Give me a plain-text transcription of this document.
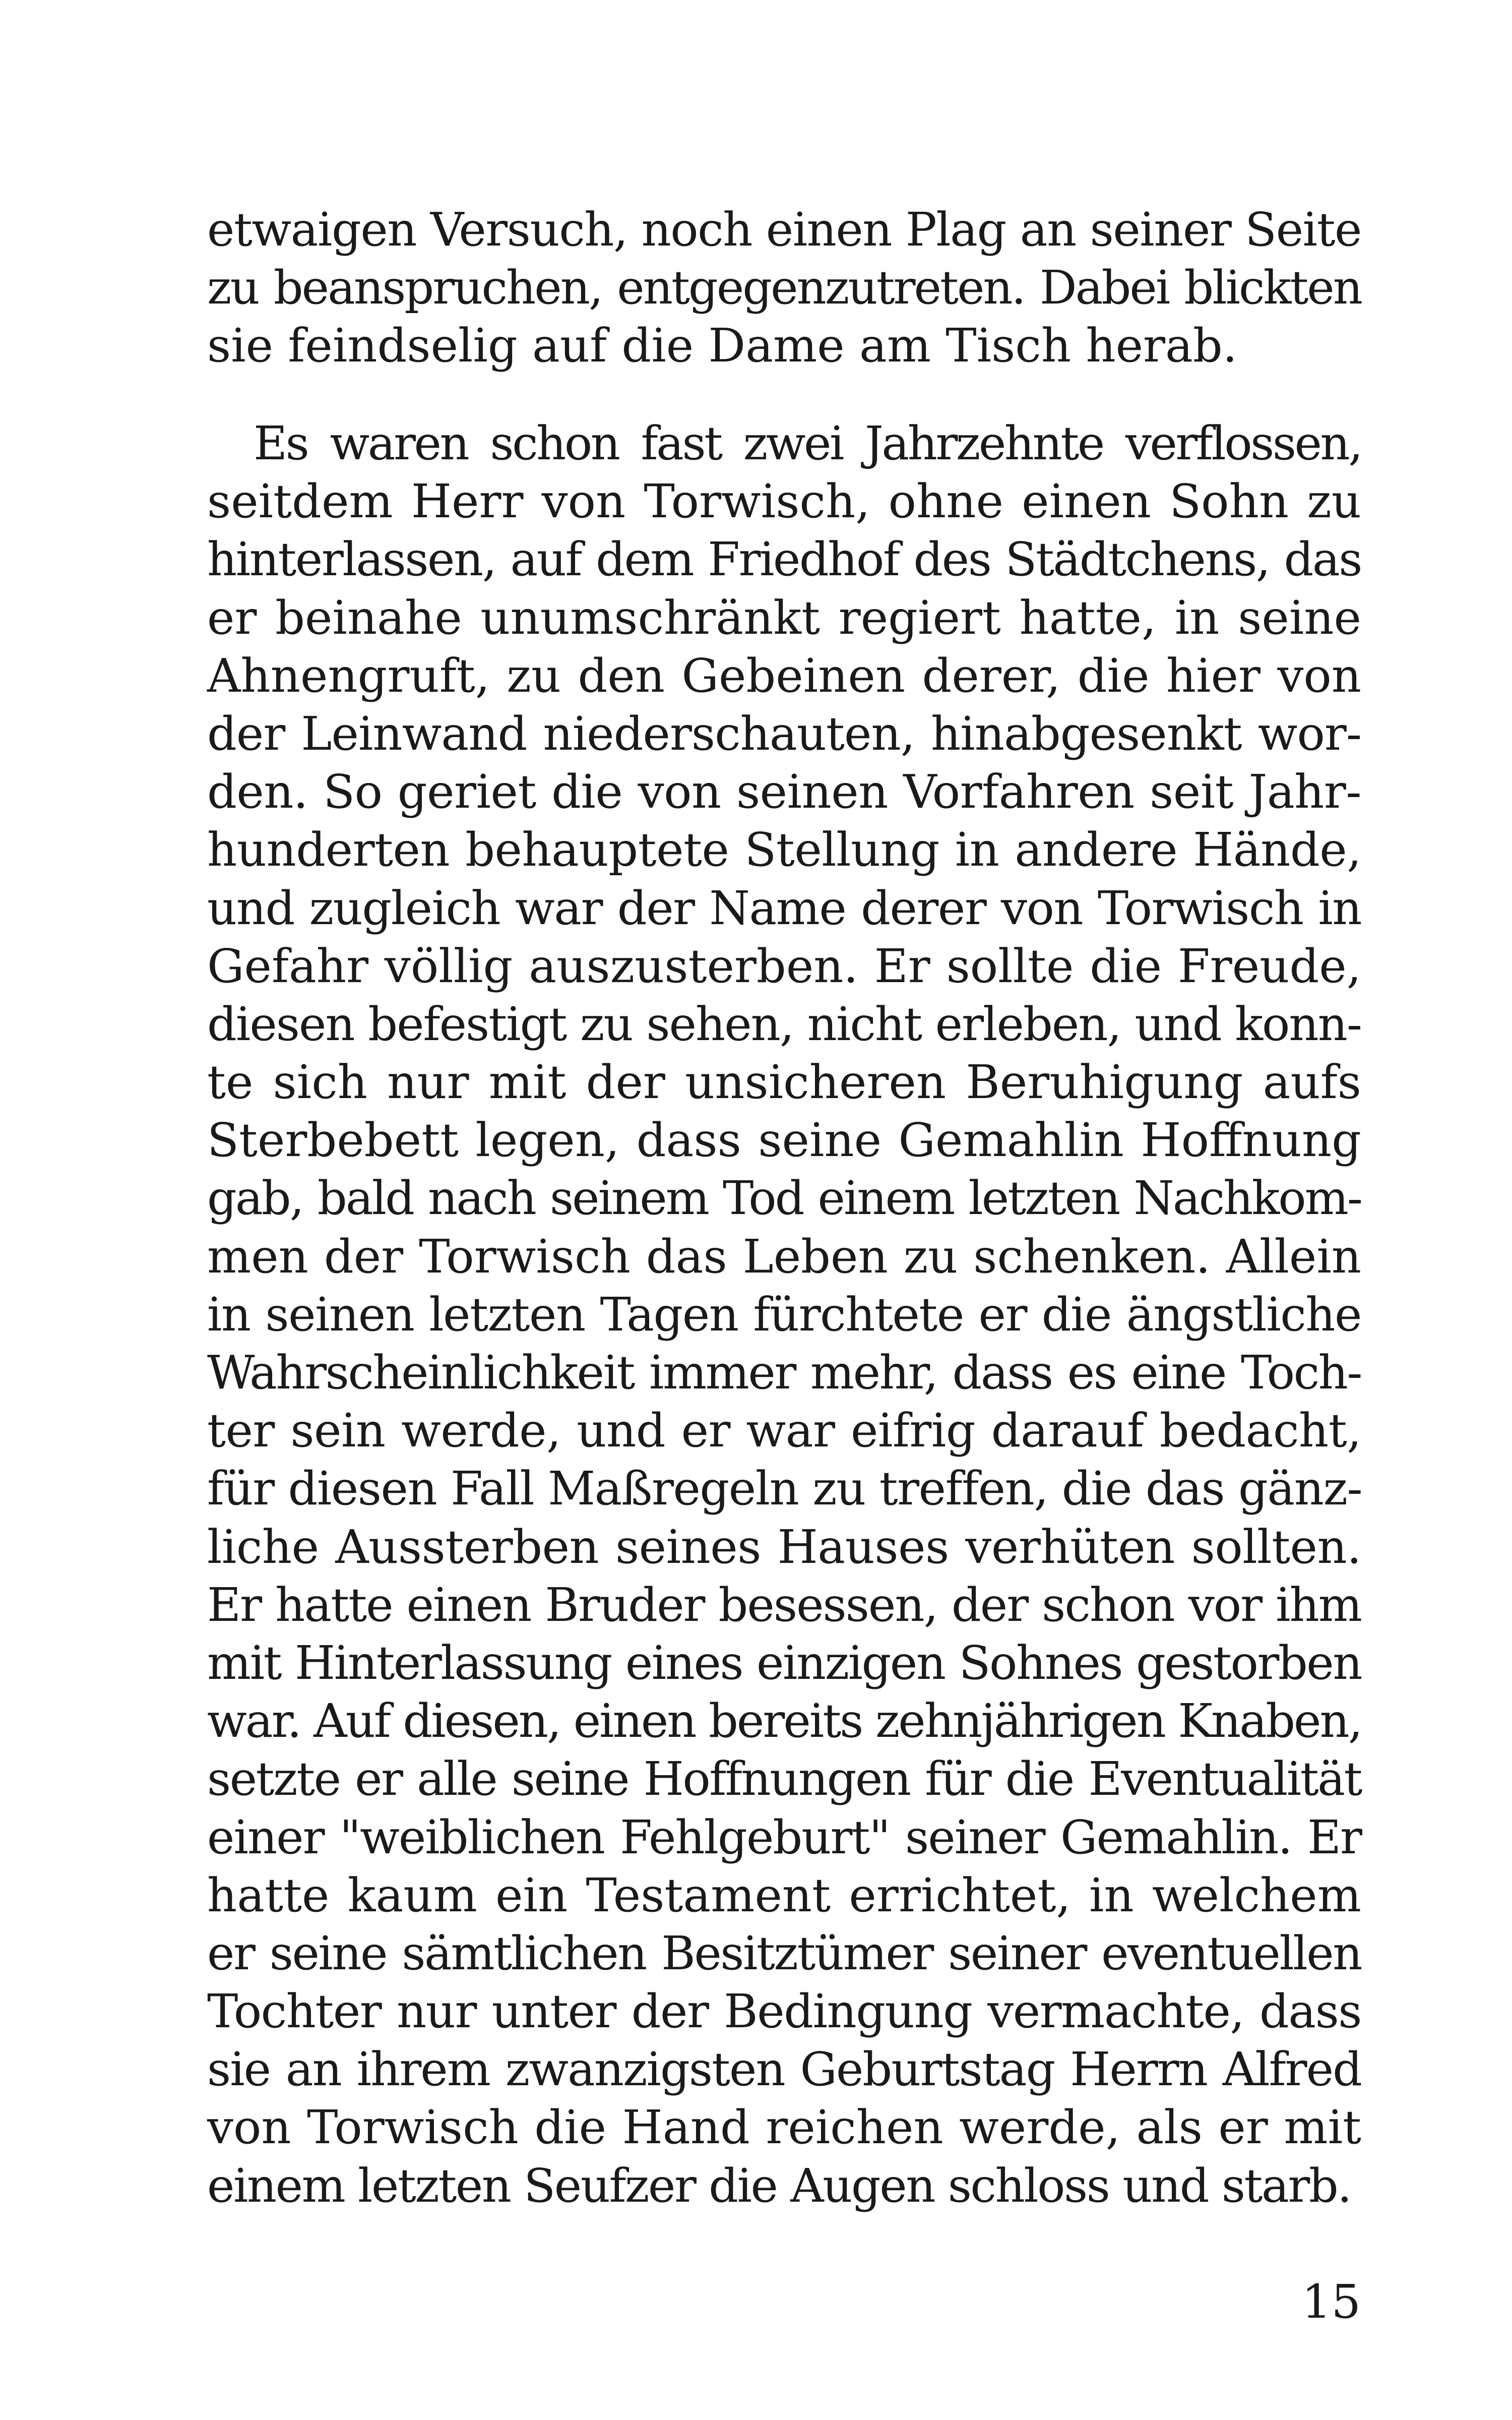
etwaigen Versuch, noch einen Plag an seiner Seite
zu beanspruchen, entgegenzutreten. Dabei blickten
sie feindselig auf die Dame am Tisch herab.
Es waren schon fast zwei Jahrzehnte verflossen,
seitdem Herr von Torwisch, ohne einen Sohn zu
hinterlassen, auf dem Friedhof des Städtchens, das
er beinahe unumschränkt regiert hatte, in seine
Ahnengruft, zu den Gebeinen derer, die hier von
der Leinwand niederschauten, hinabgesenkt wor-
den. So geriet die von seinen Vorfahren seit Jahr-
hunderten behauptete Stellung in andere Hände,
und zugleich war der Name derer von Torwisch in
Gefahr völlig auszusterben. Er sollte die Freude,
diesen befestigt zu sehen, nicht erleben, und konn-
te sich nur mit der unsicheren Beruhigung aufs
Sterbebett legen, dass seine Gemahlin Hoffnung
gab, bald nach seinem Tod einem letzten Nachkom-
men der Torwisch das Leben zu schenken. Allein
in seinen letzten Tagen fürchtete er die ängstliche
Wahrscheinlichkeit immer mehr, dass es eine Toch-
ter sein werde, und er war eifrig darauf bedacht,
für diesen Fall Maßregeln zu treffen, die das gänz-
liche Aussterben seines Hauses verhüten sollten.
Er hatte einen Bruder besessen, der schon vor ihm
mit Hinterlassung eines einzigen Sohnes gestorben
war. Auf diesen, einen bereits zehnjährigen Knaben,
setzte er alle seine Hoffnungen für die Eventualität
einer "weiblichen Fehlgeburt" seiner Gemahlin. Er
hatte kaum ein Testament errichtet, in welchem
er seine sämtlichen Besitztümer seiner eventuellen
Tochter nur unter der Bedingung vermachte, dass
sie an ihrem zwanzigsten Geburtstag Herrn Alfred
von Torwisch die Hand reichen werde, als er mit
einem letzten Seufzer die Augen schloss und starb.
15
